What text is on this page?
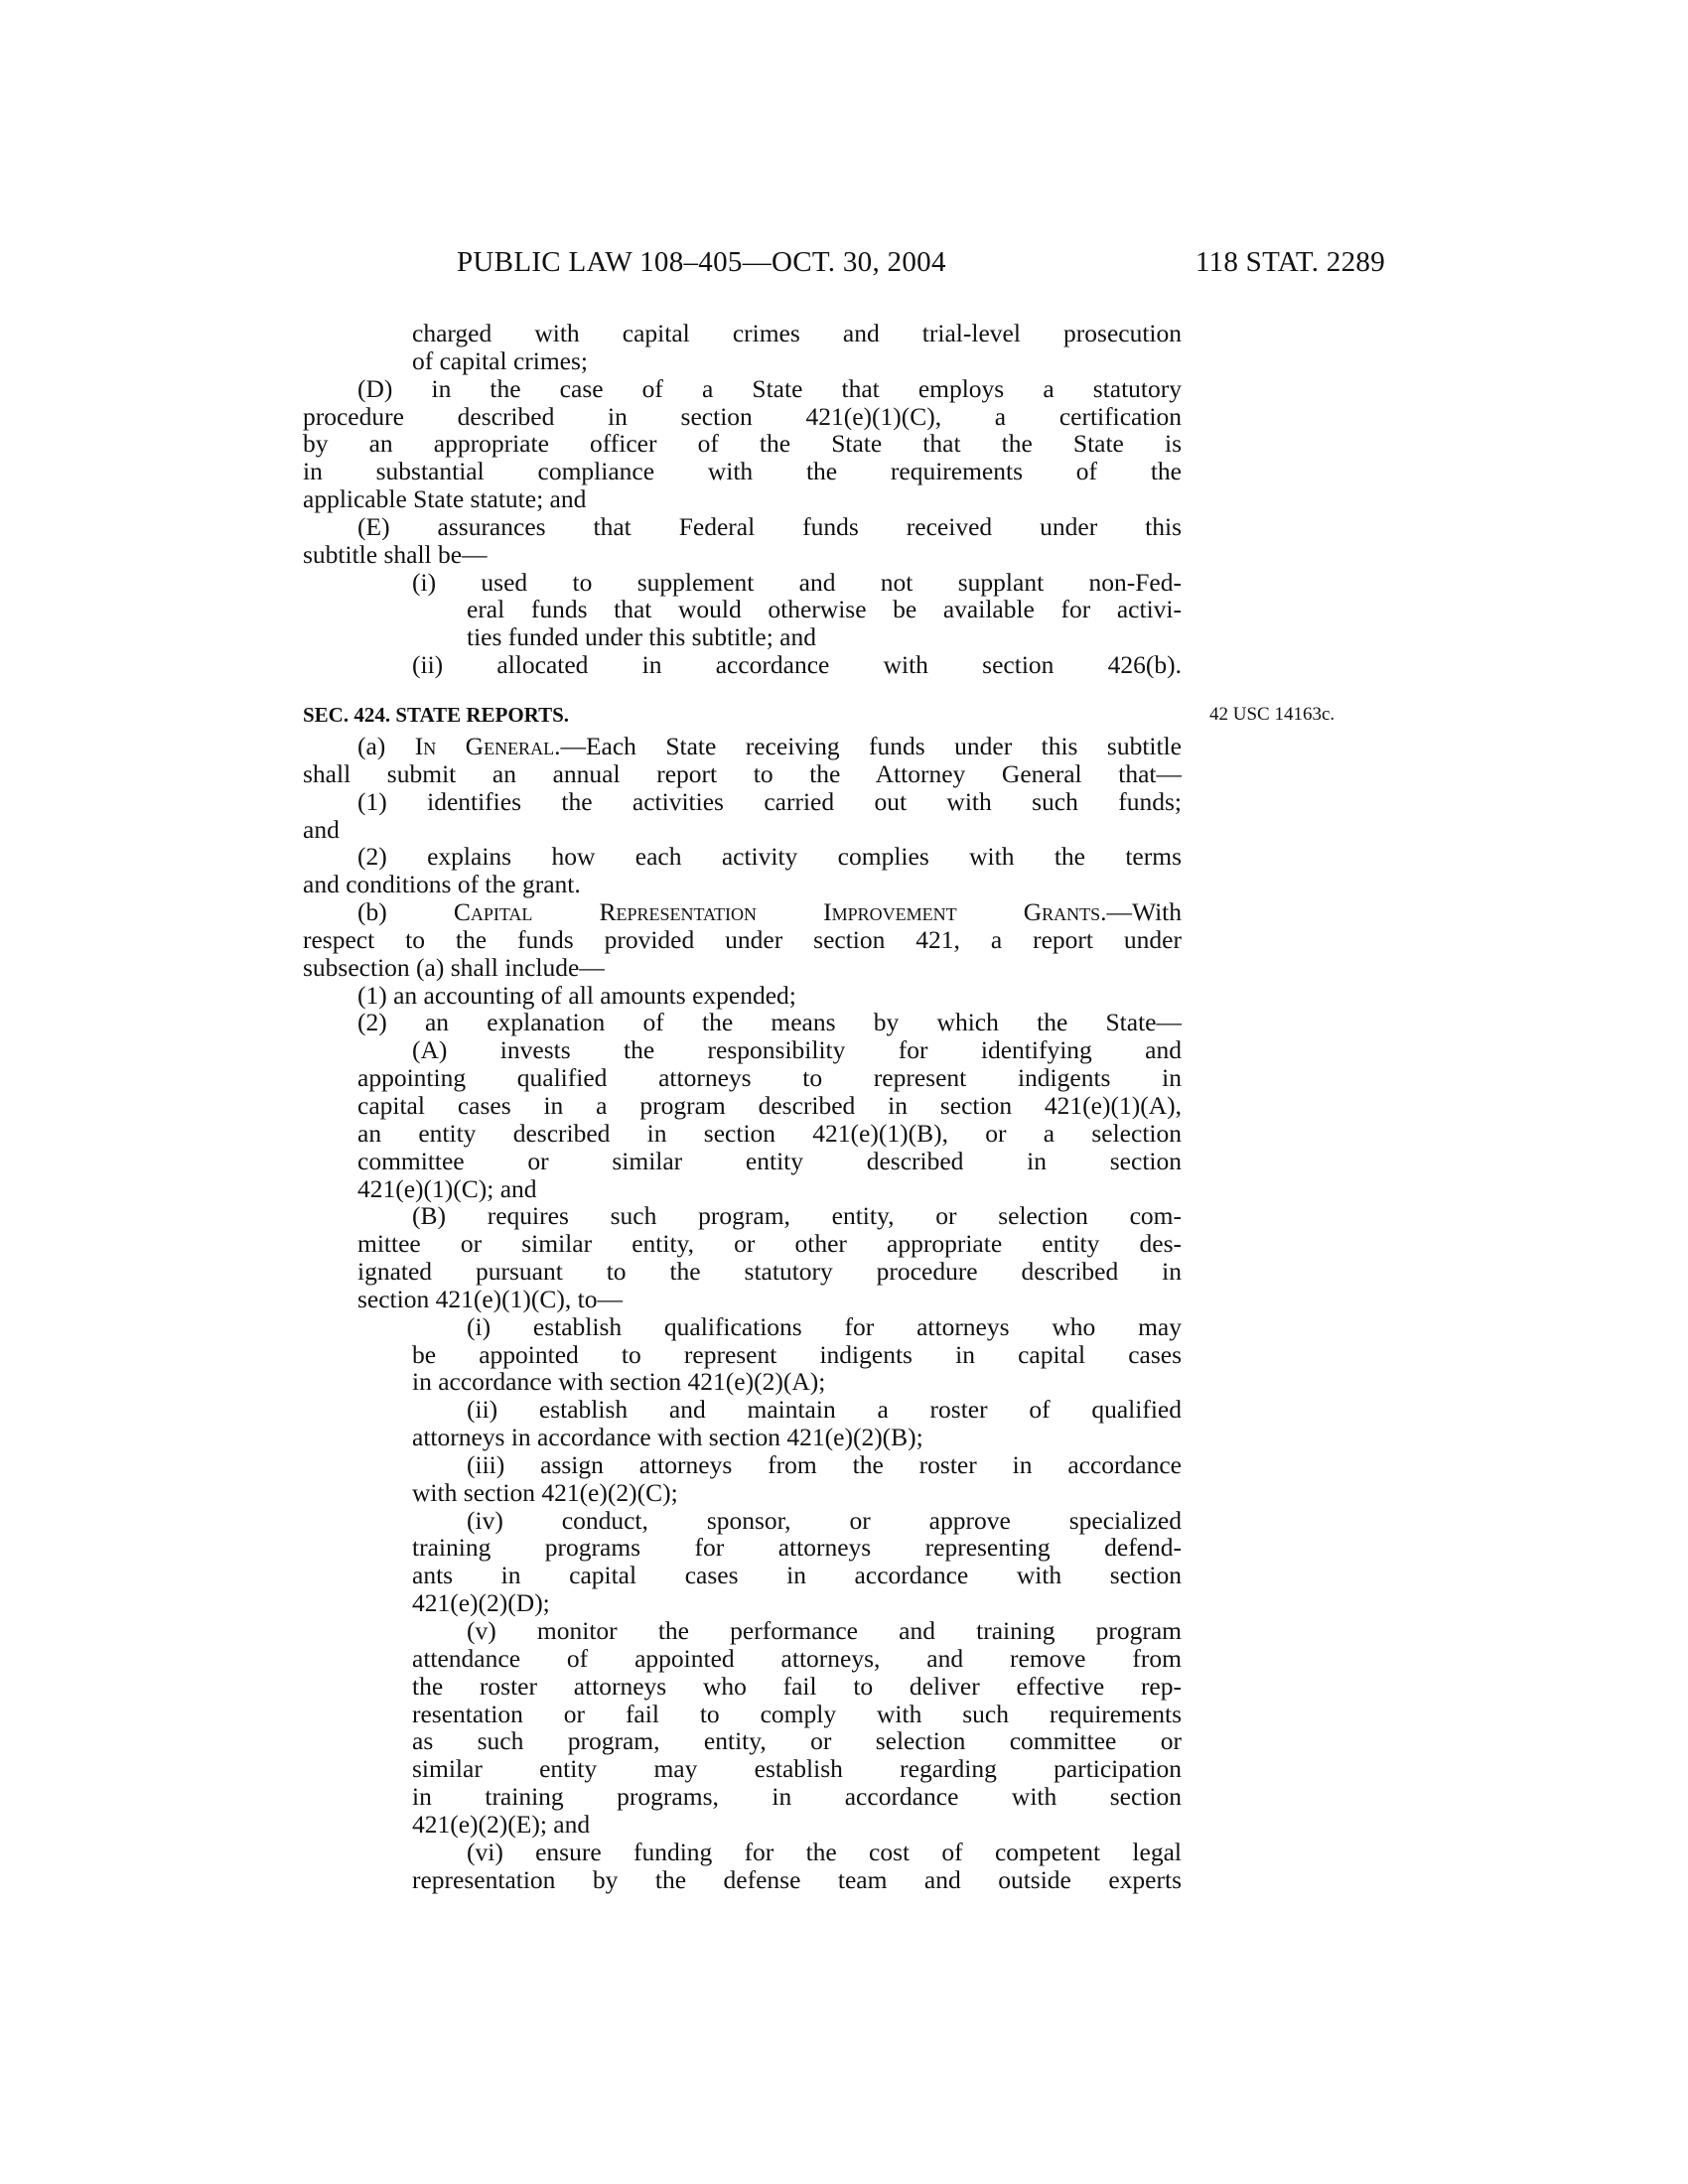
PUBLIC LAW 108–405—OCT. 30, 2004	118 STAT. 2289
charged with capital crimes and trial-level prosecution
of capital crimes;
(D) in the case of a State that employs a statutory
procedure described in section 421(e)(1)(C), a certification
by an appropriate officer of the State that the State is
in substantial compliance with the requirements of the
applicable State statute; and
(E) assurances that Federal funds received under this
subtitle shall be—
(i) used to supplement and not supplant non-Fed-
eral funds that would otherwise be available for activi-
ties funded under this subtitle; and
(ii) allocated in accordance with section 426(b).
SEC. 424. STATE REPORTS.	42 USC 14163c.
(a) In General.—Each State receiving funds under this subtitle
shall submit an annual report to the Attorney General that—
(1) identifies the activities carried out with such funds;
and
(2) explains how each activity complies with the terms
and conditions of the grant.
(b) Capital Representation Improvement Grants.—With
respect to the funds provided under section 421, a report under
subsection (a) shall include—
(1) an accounting of all amounts expended;
(2) an explanation of the means by which the State—
(A) invests the responsibility for identifying and
appointing qualified attorneys to represent indigents in
capital cases in a program described in section 421(e)(1)(A),
an entity described in section 421(e)(1)(B), or a selection
committee or similar entity described in section
421(e)(1)(C); and
(B) requires such program, entity, or selection com-
mittee or similar entity, or other appropriate entity des-
ignated pursuant to the statutory procedure described in
section 421(e)(1)(C), to—
(i) establish qualifications for attorneys who may
be appointed to represent indigents in capital cases
in accordance with section 421(e)(2)(A);
(ii) establish and maintain a roster of qualified
attorneys in accordance with section 421(e)(2)(B);
(iii) assign attorneys from the roster in accordance
with section 421(e)(2)(C);
(iv) conduct, sponsor, or approve specialized
training programs for attorneys representing defend-
ants in capital cases in accordance with section
421(e)(2)(D);
(v) monitor the performance and training program
attendance of appointed attorneys, and remove from
the roster attorneys who fail to deliver effective rep-
resentation or fail to comply with such requirements
as such program, entity, or selection committee or
similar entity may establish regarding participation
in training programs, in accordance with section
421(e)(2)(E); and
(vi) ensure funding for the cost of competent legal
representation by the defense team and outside experts
